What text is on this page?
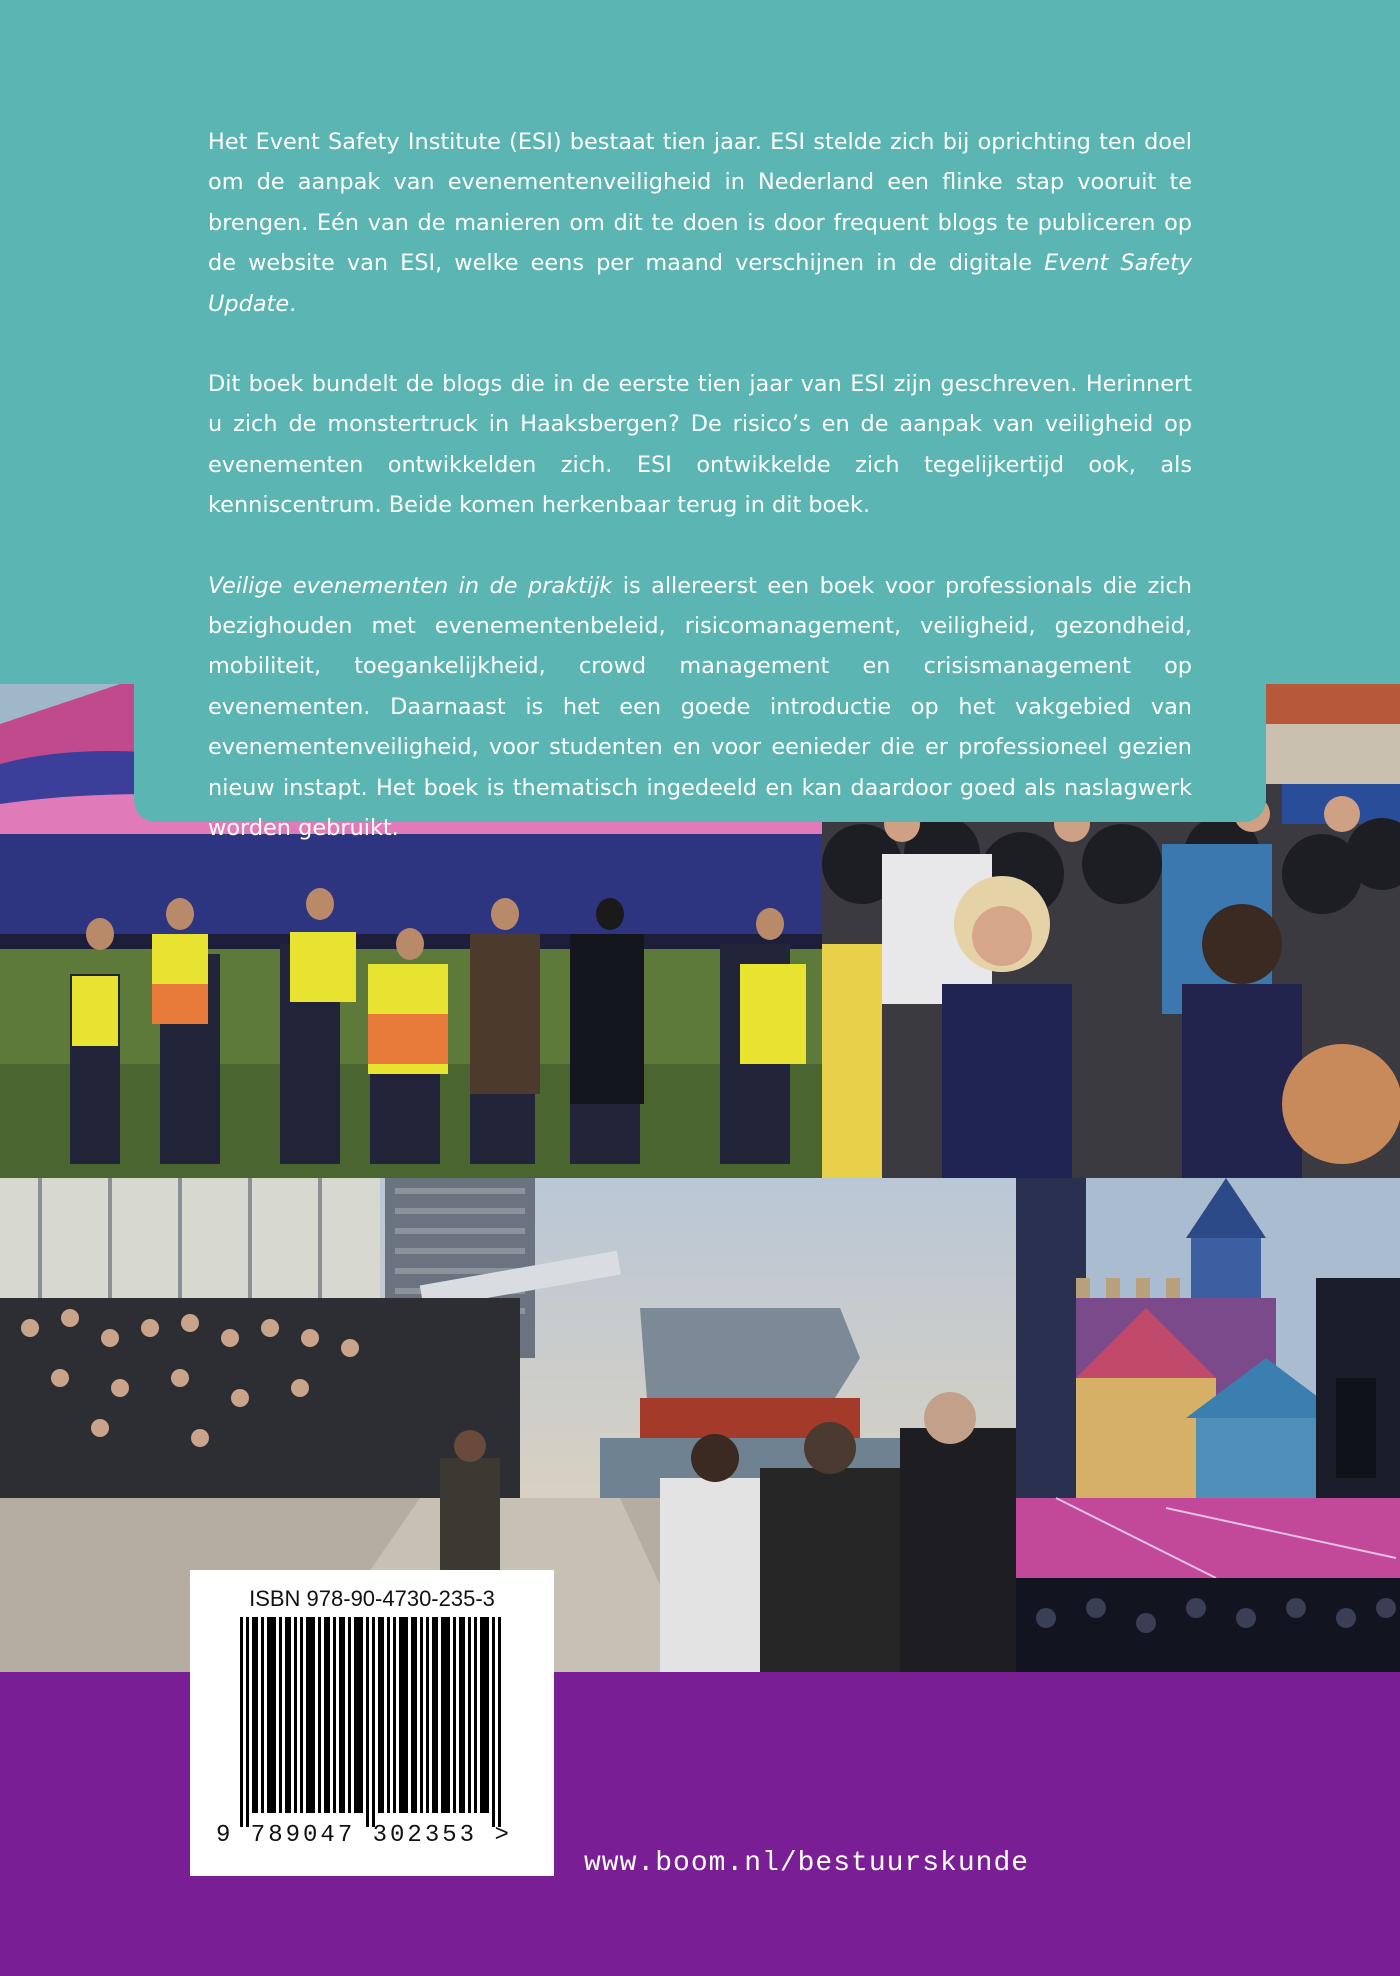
Het Event Safety Institute (ESI) bestaat tien jaar. ESI stelde zich bij oprichting ten doel om de aanpak van evenementenveiligheid in Nederland een flinke stap vooruit te brengen. Eén van de manieren om dit te doen is door frequent blogs te publiceren op de website van ESI, welke eens per maand verschijnen in de digitale Event Safety Update.

Dit boek bundelt de blogs die in de eerste tien jaar van ESI zijn geschreven. Herinnert u zich de monstertruck in Haaksbergen? De risico’s en de aanpak van veiligheid op evenementen ontwikkelden zich. ESI ontwikkelde zich tegelijkertijd ook, als kenniscentrum. Beide komen herkenbaar terug in dit boek.

Veilige evenementen in de praktijk is allereerst een boek voor professionals die zich bezighouden met evenementenbeleid, risicomanagement, veiligheid, gezondheid, mobiliteit, toegankelijkheid, crowd management en crisismanagement op evenementen. Daarnaast is het een goede introductie op het vakgebied van evenementenveiligheid, voor studenten en voor eenieder die er professioneel gezien nieuw instapt. Het boek is thematisch ingedeeld en kan daardoor goed als naslagwerk worden gebruikt.

ISBN 978-90-4730-235-3
9 789047 302353 >
www.boom.nl/bestuurskunde
